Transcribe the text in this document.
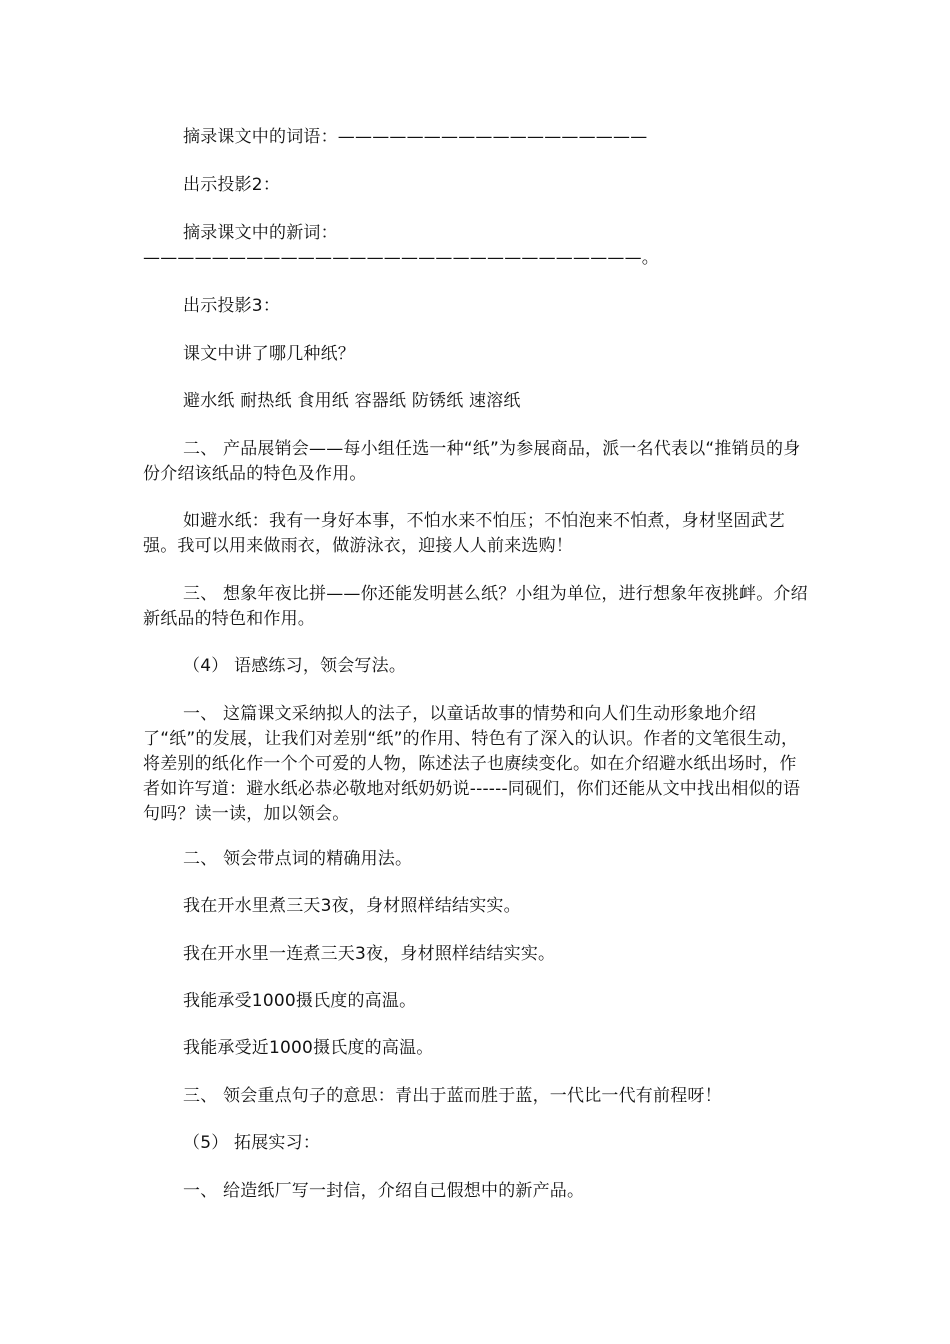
摘录课文中的词语：——————————————————

出示投影2：

摘录课文中的新词：—————————————————————————————。

出示投影3：

课文中讲了哪几种纸？

避水纸 耐热纸 食用纸 容器纸 防锈纸 速溶纸

二、 产品展销会——每小组任选一种“纸”为参展商品，派一名代表以“推销员的身份介绍该纸品的特色及作用。

如避水纸：我有一身好本事，不怕水来不怕压；不怕泡来不怕煮，身材坚固武艺强。我可以用来做雨衣，做游泳衣，迎接人人前来选购！

三、 想象年夜比拼——你还能发明甚么纸？小组为单位，进行想象年夜挑衅。介绍新纸品的特色和作用。

（4） 语感练习，领会写法。

一、 这篇课文采纳拟人的法子，以童话故事的情势和向人们生动形象地介绍了“纸”的发展，让我们对差别“纸”的作用、特色有了深入的认识。作者的文笔很生动，将差别的纸化作一个个可爱的人物，陈述法子也赓续变化。如在介绍避水纸出场时，作者如许写道：避水纸必恭必敬地对纸奶奶说------同砚们，你们还能从文中找出相似的语句吗？读一读，加以领会。

二、 领会带点词的精确用法。

我在开水里煮三天3夜，身材照样结结实实。

我在开水里一连煮三天3夜，身材照样结结实实。

我能承受1000摄氏度的高温。

我能承受近1000摄氏度的高温。

三、 领会重点句子的意思：青出于蓝而胜于蓝，一代比一代有前程呀！

（5） 拓展实习：

一、 给造纸厂写一封信，介绍自己假想中的新产品。
